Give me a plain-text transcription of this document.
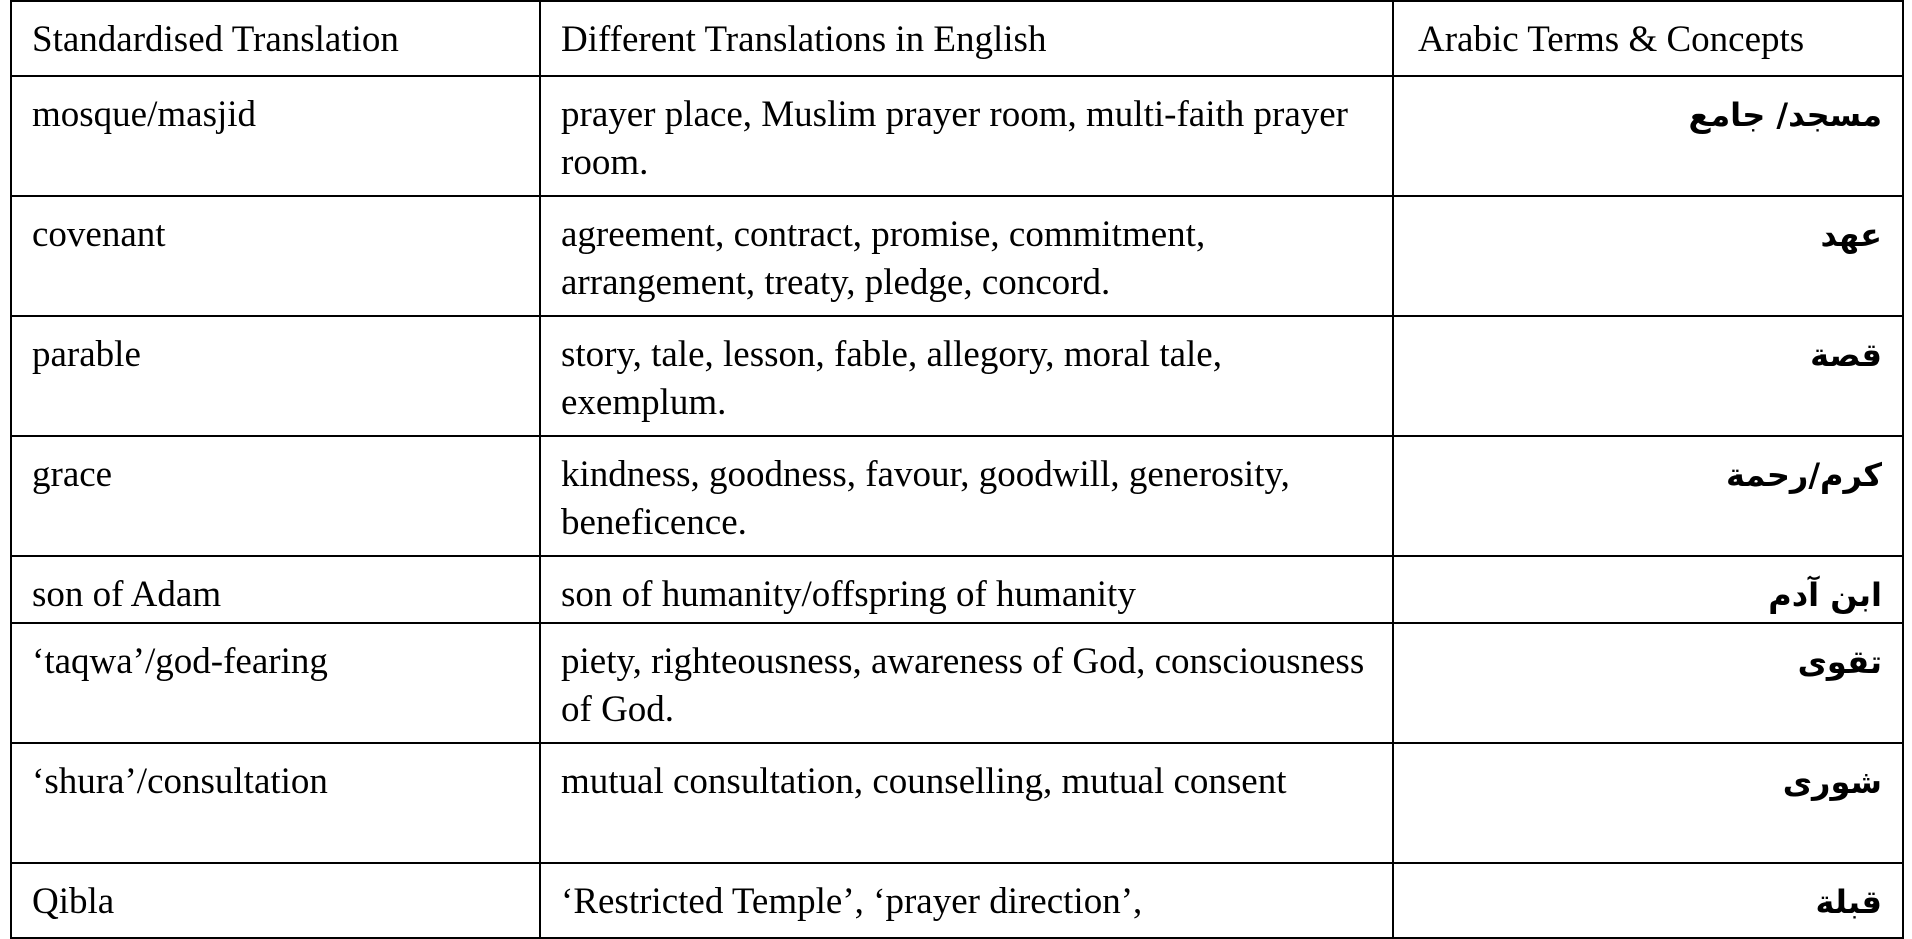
Standardised Translation	Different Translations in English	Arabic Terms & Concepts
mosque/masjid	prayer place, Muslim prayer room, multi-faith prayer room.	مسجد/ جامع
covenant	agreement, contract, promise, commitment, arrangement, treaty, pledge, concord.	عهد
parable	story, tale, lesson, fable, allegory, moral tale, exemplum.	قصة
grace	kindness, goodness, favour, goodwill, generosity, beneficence.	كرم/رحمة
son of Adam	son of humanity/offspring of humanity	ابن آدم
‘taqwa’/god-fearing	piety, righteousness, awareness of God, consciousness of God.	تقوى
‘shura’/consultation	mutual consultation, counselling, mutual consent	شورى
Qibla	‘Restricted Temple’, ‘prayer direction’,	قبلة
